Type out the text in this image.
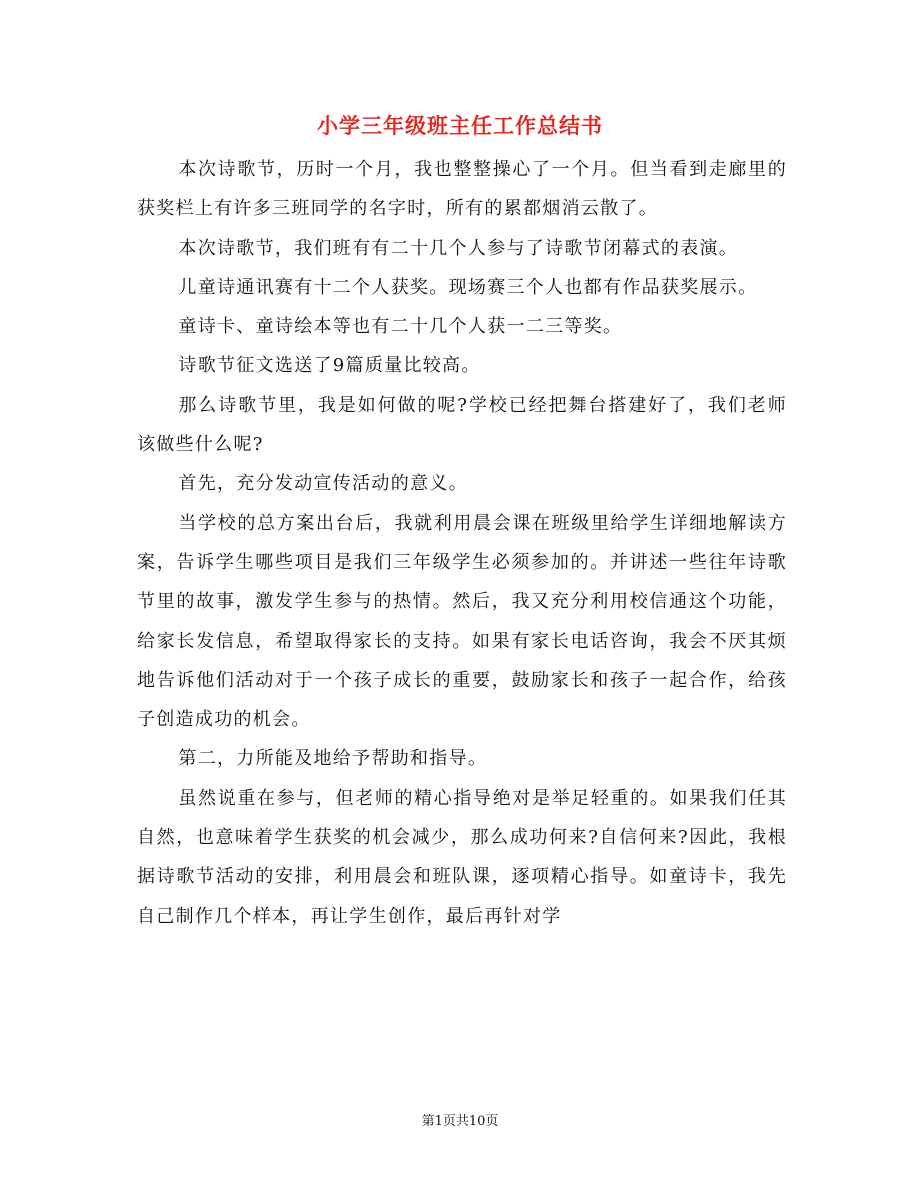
小学三年级班主任工作总结书

本次诗歌节，历时一个月，我也整整操心了一个月。但当看到走廊里的获奖栏上有许多三班同学的名字时，所有的累都烟消云散了。

本次诗歌节，我们班有有二十几个人参与了诗歌节闭幕式的表演。

儿童诗通讯赛有十二个人获奖。现场赛三个人也都有作品获奖展示。

童诗卡、童诗绘本等也有二十几个人获一二三等奖。

诗歌节征文选送了9篇质量比较高。

那么诗歌节里，我是如何做的呢?学校已经把舞台搭建好了，我们老师该做些什么呢?

首先，充分发动宣传活动的意义。

当学校的总方案出台后，我就利用晨会课在班级里给学生详细地解读方案，告诉学生哪些项目是我们三年级学生必须参加的。并讲述一些往年诗歌节里的故事，激发学生参与的热情。然后，我又充分利用校信通这个功能，给家长发信息，希望取得家长的支持。如果有家长电话咨询，我会不厌其烦地告诉他们活动对于一个孩子成长的重要，鼓励家长和孩子一起合作，给孩子创造成功的机会。

第二，力所能及地给予帮助和指导。

虽然说重在参与，但老师的精心指导绝对是举足轻重的。如果我们任其自然，也意味着学生获奖的机会减少，那么成功何来?自信何来?因此，我根据诗歌节活动的安排，利用晨会和班队课，逐项精心指导。如童诗卡，我先自己制作几个样本，再让学生创作，最后再针对学

第1页共10页
